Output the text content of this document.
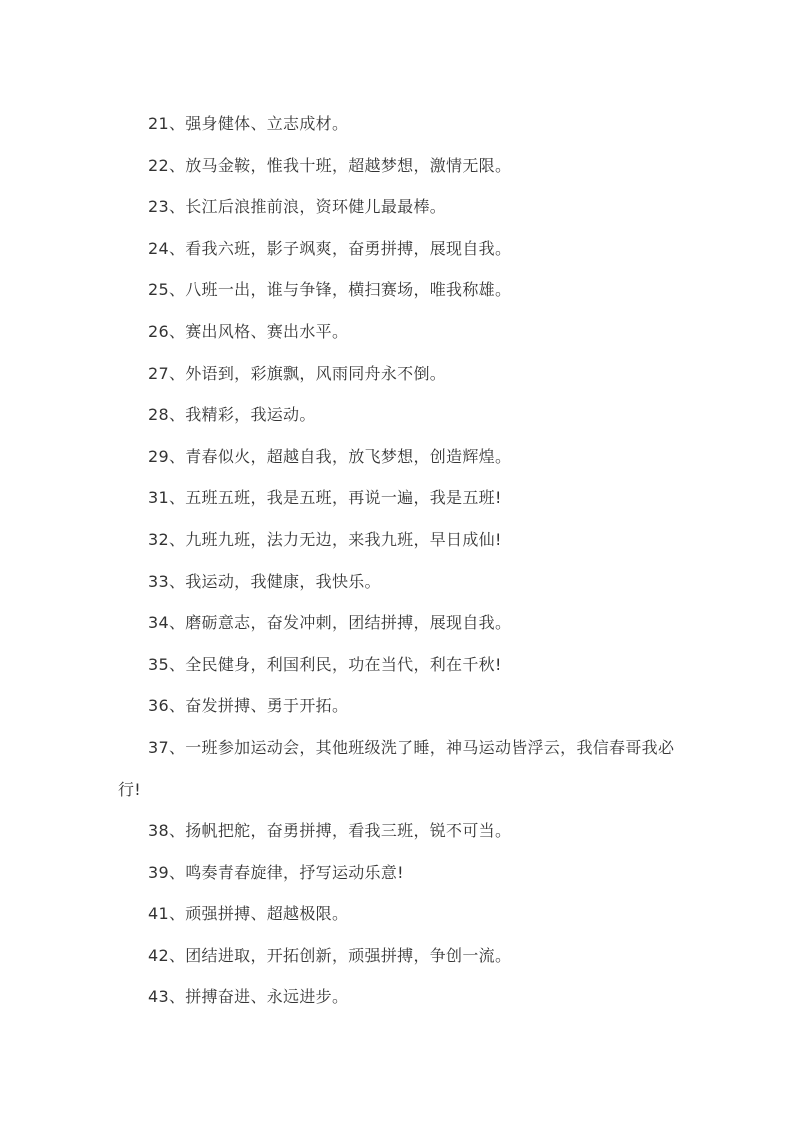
21、强身健体、立志成材。

22、放马金鞍，惟我十班，超越梦想，激情无限。

23、长江后浪推前浪，资环健儿最最棒。

24、看我六班，影子飒爽，奋勇拼搏，展现自我。

25、八班一出，谁与争锋，横扫赛场，唯我称雄。

26、赛出风格、赛出水平。

27、外语到，彩旗飘，风雨同舟永不倒。

28、我精彩，我运动。

29、青春似火，超越自我，放飞梦想，创造辉煌。

31、五班五班，我是五班，再说一遍，我是五班!

32、九班九班，法力无边，来我九班，早日成仙!

33、我运动，我健康，我快乐。

34、磨砺意志，奋发冲刺，团结拼搏，展现自我。

35、全民健身，利国利民，功在当代，利在千秋!

36、奋发拼搏、勇于开拓。

37、一班参加运动会，其他班级洗了睡，神马运动皆浮云，我信春哥我必行!

38、扬帆把舵，奋勇拼搏，看我三班，锐不可当。

39、鸣奏青春旋律，抒写运动乐意!

41、顽强拼搏、超越极限。

42、团结进取，开拓创新，顽强拼搏，争创一流。

43、拼搏奋进、永远进步。
